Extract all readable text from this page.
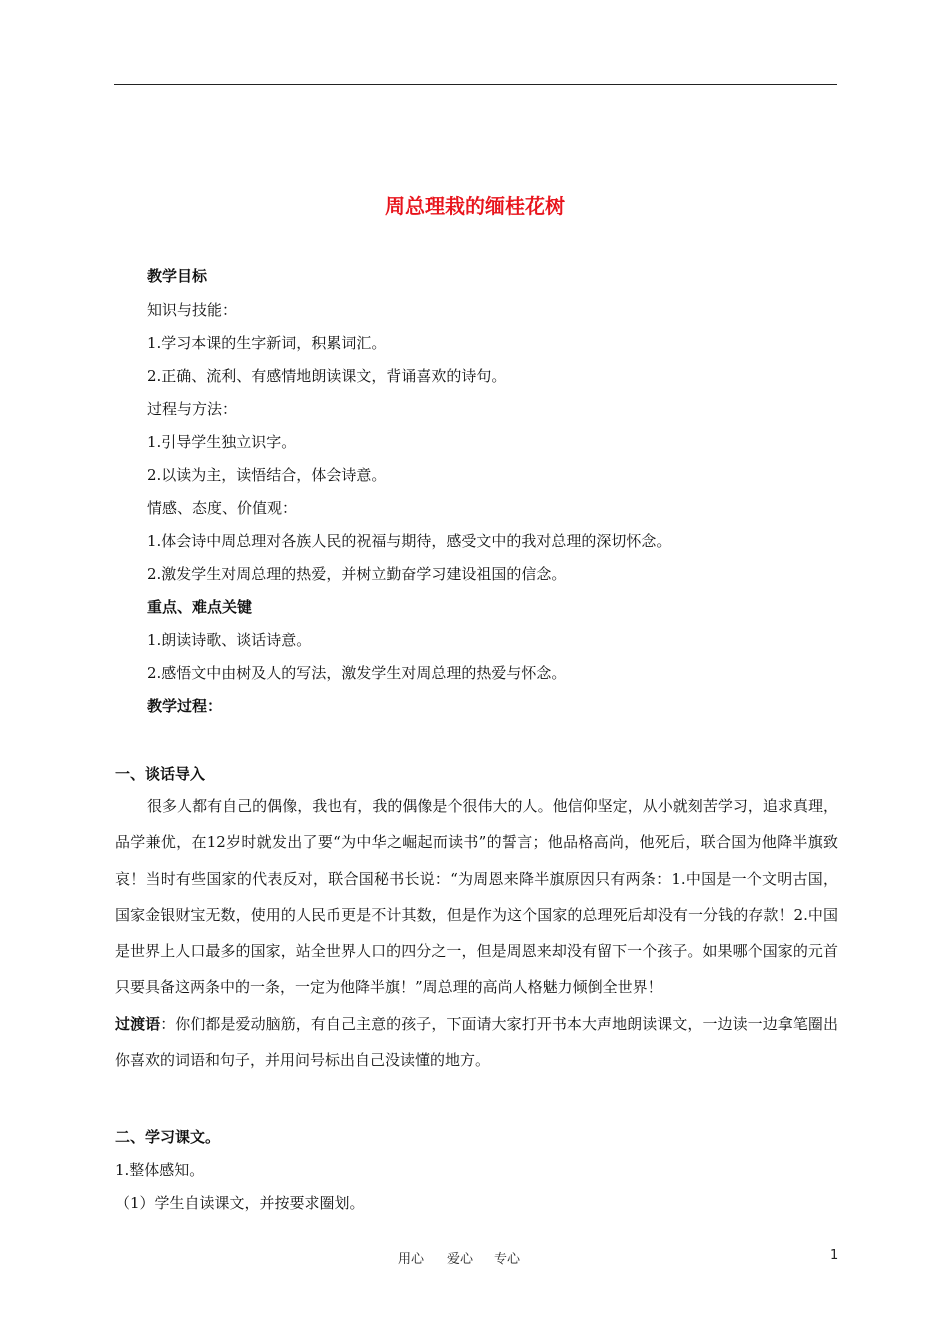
周总理栽的缅桂花树
教学目标
知识与技能：
1.学习本课的生字新词，积累词汇。
2.正确、流利、有感情地朗读课文，背诵喜欢的诗句。
过程与方法：
1.引导学生独立识字。
2.以读为主，读悟结合，体会诗意。
情感、态度、价值观：
1.体会诗中周总理对各族人民的祝福与期待，感受文中的我对总理的深切怀念。
2.激发学生对周总理的热爱，并树立勤奋学习建设祖国的信念。
重点、难点关键
1.朗读诗歌、谈话诗意。
2.感悟文中由树及人的写法，激发学生对周总理的热爱与怀念。
教学过程：
一、谈话导入

很多人都有自己的偶像，我也有，我的偶像是个很伟大的人。他信仰坚定，从小就刻苦学习，追求真理，品学兼优，在12岁时就发出了要“为中华之崛起而读书”的誓言；他品格高尚，他死后，联合国为他降半旗致哀！当时有些国家的代表反对，联合国秘书长说：“为周恩来降半旗原因只有两条：1.中国是一个文明古国，国家金银财宝无数，使用的人民币更是不计其数，但是作为这个国家的总理死后却没有一分钱的存款！2.中国是世界上人口最多的国家，站全世界人口的四分之一，但是周恩来却没有留下一个孩子。如果哪个国家的元首只要具备这两条中的一条，一定为他降半旗！”周总理的高尚人格魅力倾倒全世界！

过渡语：你们都是爱动脑筋，有自己主意的孩子，下面请大家打开书本大声地朗读课文，一边读一边拿笔圈出你喜欢的词语和句子，并用问号标出自己没读懂的地方。

二、学习课文。
1.整体感知。
（1）学生自读课文，并按要求圈划。
用心 爱心 专心	1
